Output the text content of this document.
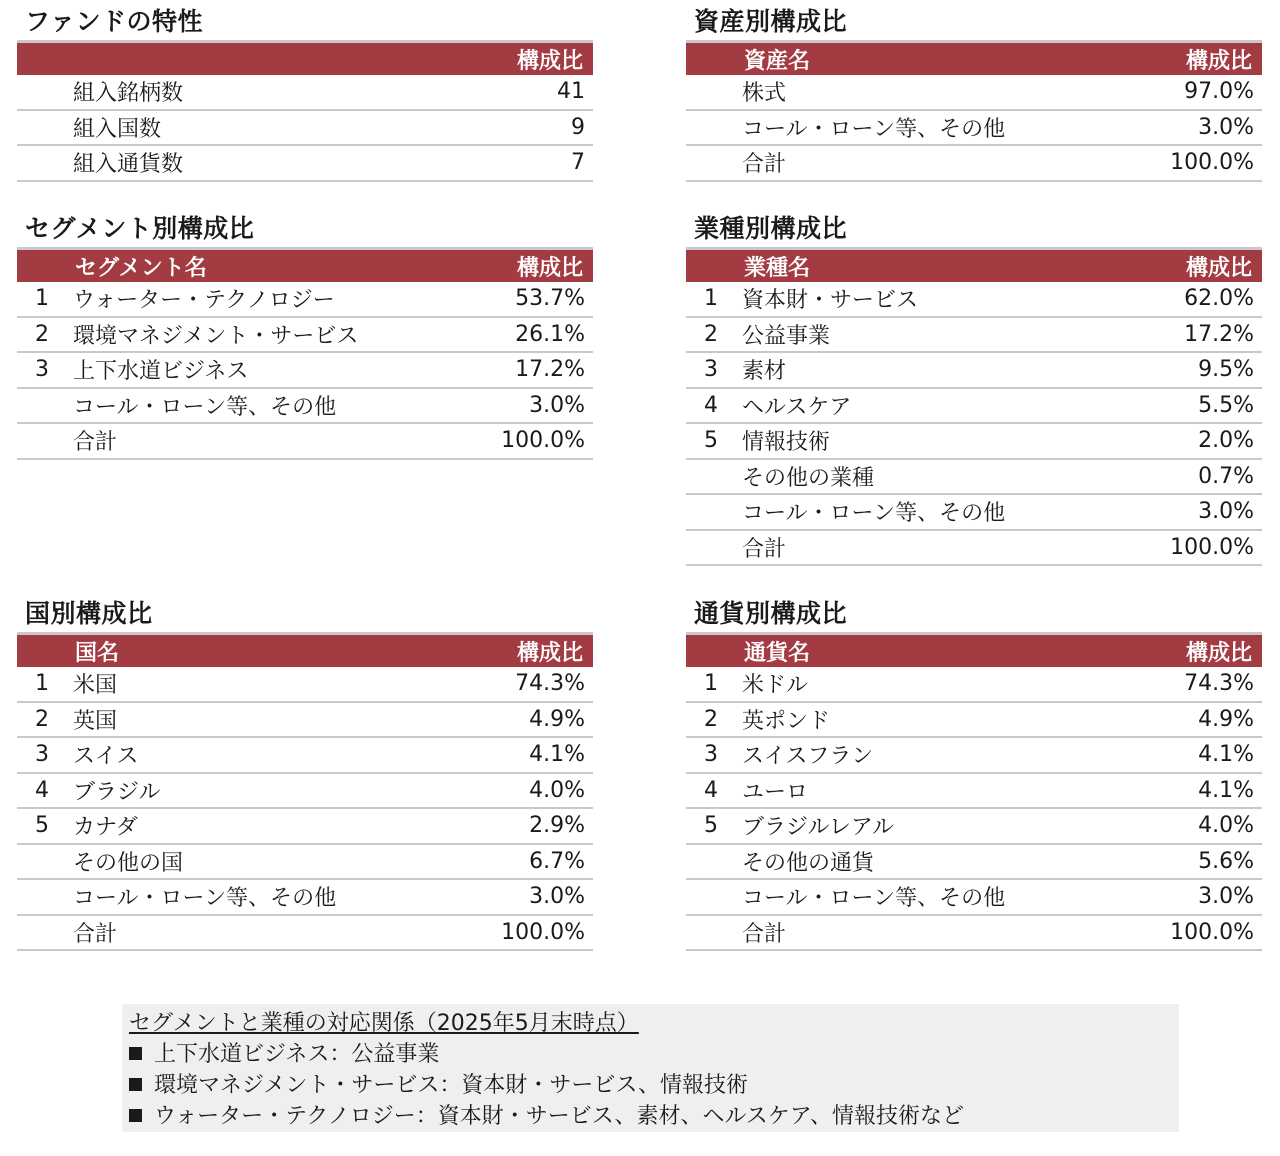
ファンドの特性
構成比
組入銘柄数	41
組入国数	9
組入通貨数	7
資産別構成比
資産名	構成比
株式	97.0%
コール・ローン等、その他	3.0%
合計	100.0%
セグメント別構成比
セグメント名	構成比
1 ウォーター・テクノロジー	53.7%
2 環境マネジメント・サービス	26.1%
3 上下水道ビジネス	17.2%
コール・ローン等、その他	3.0%
合計	100.0%
業種別構成比
業種名	構成比
1 資本財・サービス	62.0%
2 公益事業	17.2%
3 素材	9.5%
4 ヘルスケア	5.5%
5 情報技術	2.0%
その他の業種	0.7%
コール・ローン等、その他	3.0%
合計	100.0%
国別構成比
国名	構成比
1 米国	74.3%
2 英国	4.9%
3 スイス	4.1%
4 ブラジル	4.0%
5 カナダ	2.9%
その他の国	6.7%
コール・ローン等、その他	3.0%
合計	100.0%
通貨別構成比
通貨名	構成比
1 米ドル	74.3%
2 英ポンド	4.9%
3 スイスフラン	4.1%
4 ユーロ	4.1%
5 ブラジルレアル	4.0%
その他の通貨	5.6%
コール・ローン等、その他	3.0%
合計	100.0%
セグメントと業種の対応関係（2025年5月末時点）
上下水道ビジネス：公益事業
環境マネジメント・サービス：資本財・サービス、情報技術
ウォーター・テクノロジー：資本財・サービス、素材、ヘルスケア、情報技術など
